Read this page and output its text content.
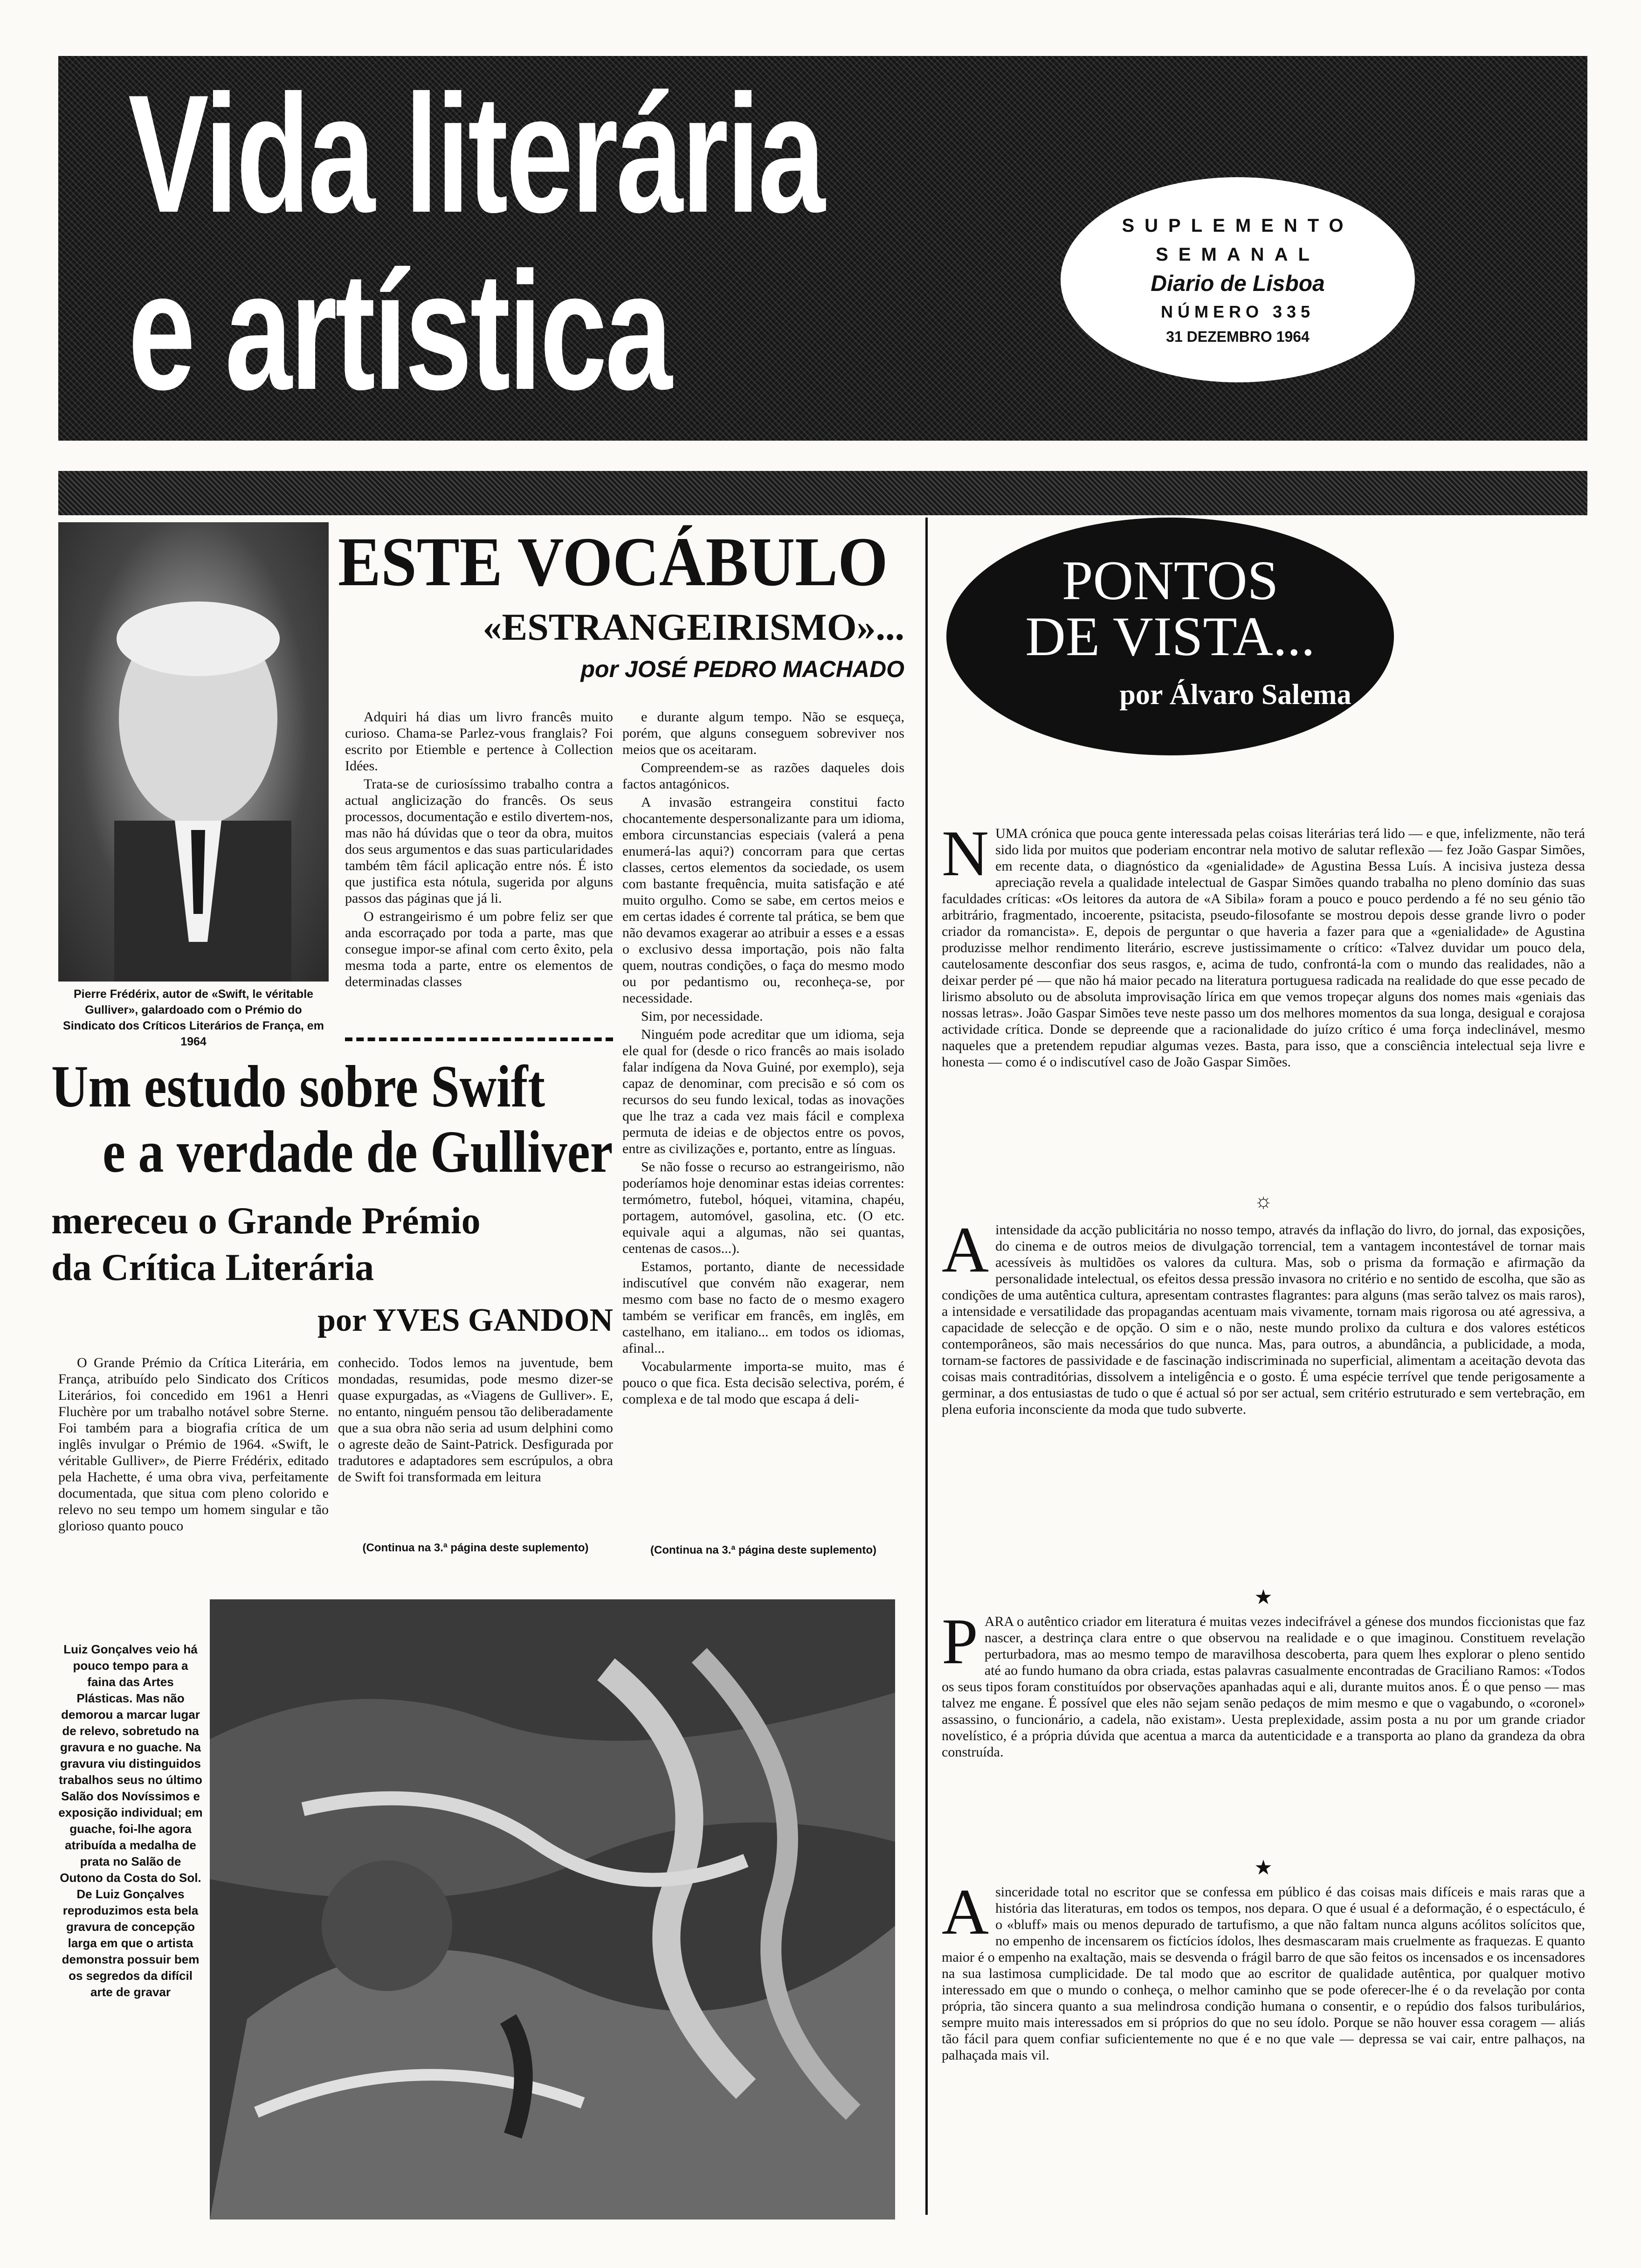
Vida literária
e artística
SUPLEMENTO
SEMANAL
Diario de Lisboa
NÚMERO 335
31 DEZEMBRO 1964
Pierre Frédérix, autor de «Swift, le véritable Gulliver», galardoado com o Prémio do Sindicato dos Críticos Literários de França, em 1964
ESTE VOCÁBULO
«ESTRANGEIRISMO»...
por JOSÉ PEDRO MACHADO

Adquiri há dias um livro francês muito curioso. Chama-se Parlez-vous franglais? Foi escrito por Etiemble e pertence à Collection Idées.

Trata-se de curiosíssimo trabalho contra a actual anglicização do francês. Os seus processos, documentação e estilo divertem-nos, mas não há dúvidas que o teor da obra, muitos dos seus argumentos e das suas particularidades também têm fácil aplicação entre nós. É isto que justifica esta nótula, sugerida por alguns passos das páginas que já li.

O estrangeirismo é um pobre feliz ser que anda escorraçado por toda a parte, mas que consegue impor-se afinal com certo êxito, pela mesma toda a parte, entre os elementos de determinadas classes

e durante algum tempo. Não se esqueça, porém, que alguns conseguem sobreviver nos meios que os aceitaram.

Compreendem-se as razões daqueles dois factos antagónicos.

A invasão estrangeira constitui facto chocantemente despersonalizante para um idioma, embora circunstancias especiais (valerá a pena enumerá-las aqui?) concorram para que certas classes, certos elementos da sociedade, os usem com bastante frequência, muita satisfação e até muito orgulho. Como se sabe, em certos meios e em certas idades é corrente tal prática, se bem que não devamos exagerar ao atribuir a esses e a essas o exclusivo dessa importação, pois não falta quem, noutras condições, o faça do mesmo modo ou por pedantismo ou, reconheça-se, por necessidade.

Sim, por necessidade.

Ninguém pode acreditar que um idioma, seja ele qual for (desde o rico francês ao mais isolado falar indígena da Nova Guiné, por exemplo), seja capaz de denominar, com precisão e só com os recursos do seu fundo lexical, todas as inovações que lhe traz a cada vez mais fácil e complexa permuta de ideias e de objectos entre os povos, entre as civilizações e, portanto, entre as línguas.

Se não fosse o recurso ao estrangeirismo, não poderíamos hoje denominar estas ideias correntes: termómetro, futebol, hóquei, vitamina, chapéu, portagem, automóvel, gasolina, etc. (O etc. equivale aqui a algumas, não sei quantas, centenas de casos...).

Estamos, portanto, diante de necessidade indiscutível que convém não exagerar, nem mesmo com base no facto de o mesmo exagero também se verificar em francês, em inglês, em castelhano, em italiano... em todos os idiomas, afinal...

Vocabularmente importa-se muito, mas é pouco o que fica. Esta decisão selectiva, porém, é complexa e de tal modo que escapa á deli-

(Continua na 3.ª página deste suplemento)
Um estudo sobre Swift
e a verdade de Gulliver
mereceu o Grande Prémio
da Crítica Literária
por YVES GANDON

O Grande Prémio da Crítica Literária, em França, atribuído pelo Sindicato dos Críticos Literários, foi concedido em 1961 a Henri Fluchère por um trabalho notável sobre Sterne. Foi também para a biografia crítica de um inglês invulgar o Prémio de 1964. «Swift, le véritable Gulliver», de Pierre Frédérix, editado pela Hachette, é uma obra viva, perfeitamente documentada, que situa com pleno colorido e relevo no seu tempo um homem singular e tão glorioso quanto pouco

conhecido. Todos lemos na juventude, bem mondadas, resumidas, pode mesmo dizer-se quase expurgadas, as «Viagens de Gulliver». E, no entanto, ninguém pensou tão deliberadamente que a sua obra não seria ad usum delphini como o agreste deão de Saint-Patrick. Desfigurada por tradutores e adaptadores sem escrúpulos, a obra de Swift foi transformada em leitura

(Continua na 3.ª página deste suplemento)
Luiz Gonçalves veio há pouco tempo para a faina das Artes Plásticas. Mas não demorou a marcar lugar de relevo, sobretudo na gravura e no guache. Na gravura viu distinguidos trabalhos seus no último Salão dos Novíssimos e exposição individual; em guache, foi-lhe agora atribuída a medalha de prata no Salão de Outono da Costa do Sol. De Luiz Gonçalves reproduzimos esta bela gravura de concepção larga em que o artista demonstra possuir bem os segredos da difícil arte de gravar
PONTOS
DE VISTA...
por Álvaro Salema
N UMA crónica que pouca gente interessada pelas coisas literárias terá lido — e que, infelizmente, não terá sido lida por muitos que poderiam encontrar nela motivo de salutar reflexão — fez João Gaspar Simões, em recente data, o diagnóstico da «genialidade» de Agustina Bessa Luís. A incisiva justeza dessa apreciação revela a qualidade intelectual de Gaspar Simões quando trabalha no pleno domínio das suas faculdades críticas: «Os leitores da autora de «A Sibila» foram a pouco e pouco perdendo a fé no seu génio tão arbitrário, fragmentado, incoerente, psitacista, pseudo-filosofante se mostrou depois desse grande livro o poder criador da romancista». E, depois de perguntar o que haveria a fazer para que a «genialidade» de Agustina produzisse melhor rendimento literário, escreve justissimamente o crítico: «Talvez duvidar um pouco dela, cautelosamente desconfiar dos seus rasgos, e, acima de tudo, confrontá-la com o mundo das realidades, não a deixar perder pé — que não há maior pecado na literatura portuguesa radicada na realidade do que esse pecado de lirismo absoluto ou de absoluta improvisação lírica em que vemos tropeçar alguns dos nomes mais «geniais das nossas letras». João Gaspar Simões teve neste passo um dos melhores momentos da sua longa, desigual e corajosa actividade crítica. Donde se depreende que a racionalidade do juízo crítico é uma força indeclinável, mesmo naqueles que a pretendem repudiar algumas vezes. Basta, para isso, que a consciência intelectual seja livre e honesta — como é o indiscutível caso de João Gaspar Simões.
☼
A intensidade da acção publicitária no nosso tempo, através da inflação do livro, do jornal, das exposições, do cinema e de outros meios de divulgação torrencial, tem a vantagem incontestável de tornar mais acessíveis às multidões os valores da cultura. Mas, sob o prisma da formação e afirmação da personalidade intelectual, os efeitos dessa pressão invasora no critério e no sentido de escolha, que são as condições de uma autêntica cultura, apresentam contrastes flagrantes: para alguns (mas serão talvez os mais raros), a intensidade e versatilidade das propagandas acentuam mais vivamente, tornam mais rigorosa ou até agressiva, a capacidade de selecção e de opção. O sim e o não, neste mundo prolixo da cultura e dos valores estéticos contemporâneos, são mais necessários do que nunca. Mas, para outros, a abundância, a publicidade, a moda, tornam-se factores de passividade e de fascinação indiscriminada no superficial, alimentam a aceitação devota das coisas mais contraditórias, dissolvem a inteligência e o gosto. É uma espécie terrível que tende perigosamente a germinar, a dos entusiastas de tudo o que é actual só por ser actual, sem critério estruturado e sem vertebração, em plena euforia inconsciente da moda que tudo subverte.
★
P ARA o autêntico criador em literatura é muitas vezes indecifrável a génese dos mundos ficcionistas que faz nascer, a destrinça clara entre o que observou na realidade e o que imaginou. Constituem revelação perturbadora, mas ao mesmo tempo de maravilhosa descoberta, para quem lhes explorar o pleno sentido até ao fundo humano da obra criada, estas palavras casualmente encontradas de Graciliano Ramos: «Todos os seus tipos foram constituídos por observações apanhadas aqui e ali, durante muitos anos. É o que penso — mas talvez me engane. É possível que eles não sejam senão pedaços de mim mesmo e que o vagabundo, o «coronel» assassino, o funcionário, a cadela, não existam». Uesta preplexidade, assim posta a nu por um grande criador novelístico, é a própria dúvida que acentua a marca da autenticidade e a transporta ao plano da grandeza da obra construída.
★
A sinceridade total no escritor que se confessa em público é das coisas mais difíceis e mais raras que a história das literaturas, em todos os tempos, nos depara. O que é usual é a deformação, é o espectáculo, é o «bluff» mais ou menos depurado de tartufismo, a que não faltam nunca alguns acólitos solícitos que, no empenho de incensarem os fictícios ídolos, lhes desmascaram mais cruelmente as fraquezas. E quanto maior é o empenho na exaltação, mais se desvenda o frágil barro de que são feitos os incensados e os incensadores na sua lastimosa cumplicidade. De tal modo que ao escritor de qualidade autêntica, por qualquer motivo interessado em que o mundo o conheça, o melhor caminho que se pode oferecer-lhe é o da revelação por conta própria, tão sincera quanto a sua melindrosa condição humana o consentir, e o repúdio dos falsos turibulários, sempre muito mais interessados em si próprios do que no seu ídolo. Porque se não houver essa coragem — aliás tão fácil para quem confiar suficientemente no que é e no que vale — depressa se vai cair, entre palhaços, na palhaçada mais vil.
